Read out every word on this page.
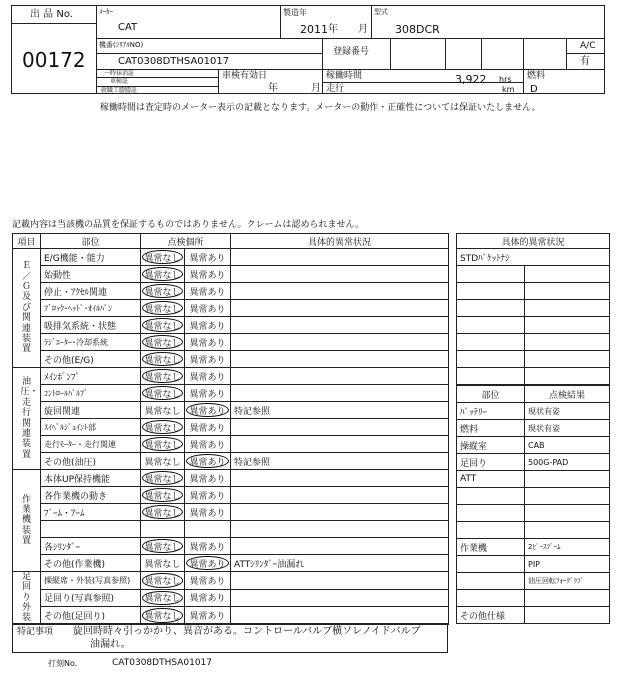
出 品 No.
00172
ﾒｰｶｰ
CAT
製造年
2011 年 月
型式
308DCR
機番(ｼﾘｱﾙNO)
CAT0308DTHSA01017
登録番号
A/C
有
一時抹消証
車検証
就職工謄謄証
車検有効日
年	月
稼働時間	3,922 hrs
走行	km
燃料
D
稼働時間は査定時のメーター表示の記載となります。メーターの動作・正確性については保証いたしません。
記載内容は当該機の品質を保証するものではありません。クレームは認められません。
項目	部位	点検個所		具体的異常状況

Ｅ／Ｇ及び関連装置	E/G機能・能力	異常なし	異常あり	
	始動性	異常なし	異常あり	
	停止・ｱｸｾﾙ関連	異常なし	異常あり	
	ﾌﾞﾛｯｸ･ﾍｯﾄﾞ･ｵｲﾙﾊﾟﾝ	異常なし	異常あり	
	吸排気系統・状態	異常なし	異常あり	
	ﾗｼﾞｴｰﾀｰ･冷却系統	異常なし	異常あり	
	その他(E/G)	異常なし	異常あり	

油圧・走行関連装置	ﾒｲﾝﾎﾟﾝﾌﾟ	異常なし	異常あり	
	ｺﾝﾄﾛｰﾙﾊﾞﾙﾌﾞ	異常なし	異常あり	
	旋回関連	異常なし	異常あり	特記参照
	ｽｲﾍﾞﾙｼﾞｮｲﾝﾄ部	異常なし	異常あり	
	走行ﾓｰﾀｰ・走行関連	異常なし	異常あり	
	その他(油圧)	異常なし	異常あり	特記参照

作業機装置	本体UP保持機能	異常なし	異常あり	
	各作業機の動き	異常なし	異常あり	
	ﾌﾞｰﾑ・ｱｰﾑ	異常なし	異常あり	

	各ｼﾘﾝﾀﾞｰ	異常なし	異常あり	
	その他(作業機)	異常なし	異常あり	ATTｼﾘﾝﾀﾞｰ油漏れ

足回り外装	操縦席・外装(写真参照)	異常なし	異常あり	
	足回り(写真参照)	異常なし	異常あり	
	その他(足回り)	異常なし	異常あり	
特記事項 旋回時時々引っかかり、異音がある。コントロールバルブ横ソレノイドバルブ
油漏れ。
打刻No.	CAT0308DTHSA01017
具体的異常状況	
STDﾊﾞｹｯﾄﾅｼ	

部位	点検結果
ﾊﾞｯﾃﾘｰ	現状有姿
燃料	現状有姿
操縦室	CAB
足回り	500G-PAD
ATT	

作業機	2ﾋﾟｰｽﾌﾞｰﾑ
	PIP
	油圧回転ﾌｫｰｸﾞﾗﾌﾞ

その他仕様	
